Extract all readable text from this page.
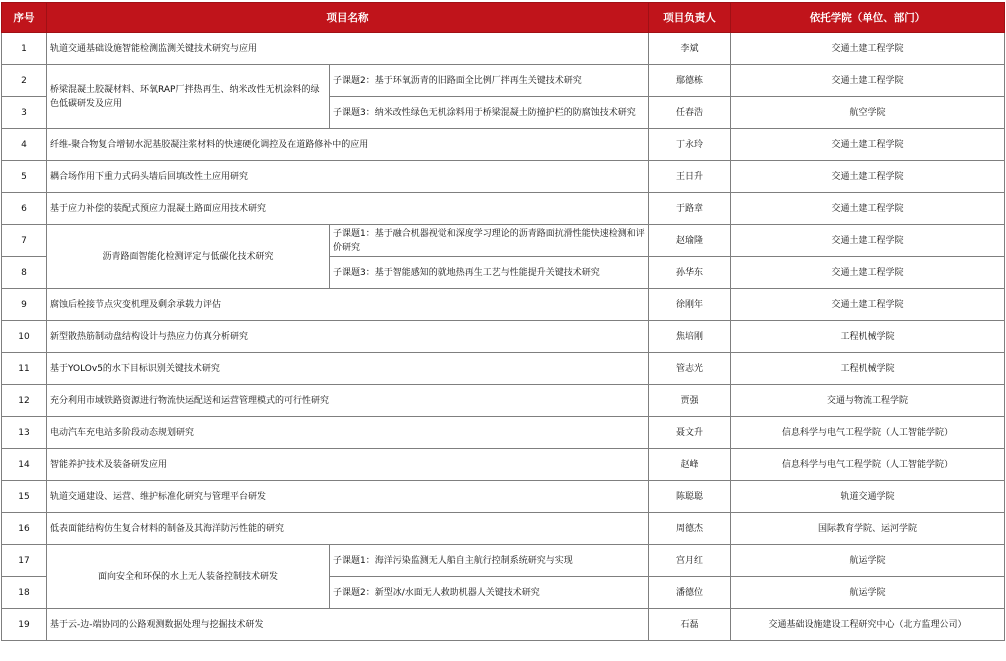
序号	项目名称		项目负责人	依托学院（单位、部门）
1	轨道交通基础设施智能检测监测关键技术研究与应用		李斌	交通土建工程学院
2	桥梁混凝土胶凝材料、环氧RAP厂拌热再生、纳米改性无机涂料的绿色低碳研发及应用	子课题2：基于环氧沥青的旧路面全比例厂拌再生关键技术研究	鄢德栋	交通土建工程学院
3		子课题3：纳米改性绿色无机涂料用于桥梁混凝土防撞护栏的防腐蚀技术研究	任春浩	航空学院
4	纤维-聚合物复合增韧水泥基胶凝注浆材料的快速硬化调控及在道路修补中的应用		丁永玲	交通土建工程学院
5	耦合场作用下重力式码头墙后回填改性土应用研究		王日升	交通土建工程学院
6	基于应力补偿的装配式预应力混凝土路面应用技术研究		于路章	交通土建工程学院
7	沥青路面智能化检测评定与低碳化技术研究	子课题1：基于融合机器视觉和深度学习理论的沥青路面抗滑性能快速检测和评价研究	赵瑜隆	交通土建工程学院
8		子课题3：基于智能感知的就地热再生工艺与性能提升关键技术研究	孙华东	交通土建工程学院
9	腐蚀后栓接节点灾变机理及剩余承载力评估		徐刚年	交通土建工程学院
10	新型散热筋制动盘结构设计与热应力仿真分析研究		焦培刚	工程机械学院
11	基于YOLOv5的水下目标识别关键技术研究		管志光	工程机械学院
12	充分利用市域铁路资源进行物流快运配送和运营管理模式的可行性研究		贾强	交通与物流工程学院
13	电动汽车充电站多阶段动态规划研究		聂文升	信息科学与电气工程学院（人工智能学院）
14	智能养护技术及装备研发应用		赵峰	信息科学与电气工程学院（人工智能学院）
15	轨道交通建设、运营、维护标准化研究与管理平台研发		陈聪聪	轨道交通学院
16	低表面能结构仿生复合材料的制备及其海洋防污性能的研究		周德杰	国际教育学院、运河学院
17	面向安全和环保的水上无人装备控制技术研发	子课题1：海洋污染监测无人船自主航行控制系统研究与实现	宫月红	航运学院
18		子课题2：新型冰/水面无人救助机器人关键技术研究	潘德位	航运学院
19	基于云-边-端协同的公路观测数据处理与挖掘技术研发		石磊	交通基础设施建设工程研究中心（北方监理公司）
